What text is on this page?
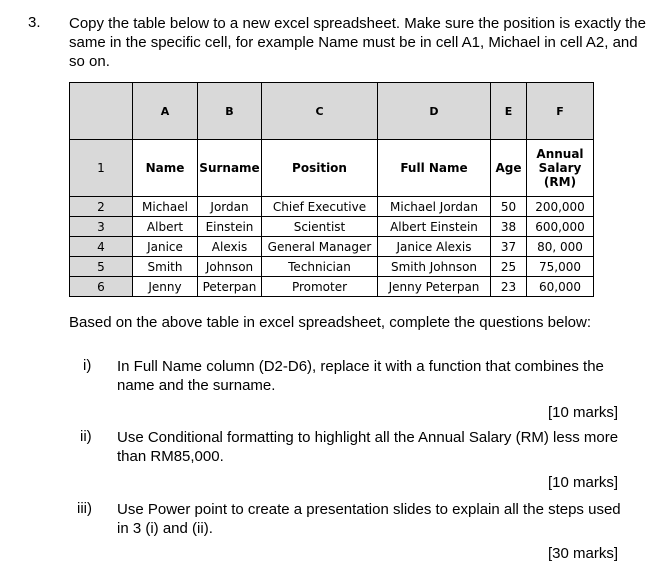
3. Copy the table below to a new excel spreadsheet. Make sure the position is exactly the same in the specific cell, for example Name must be in cell A1, Michael in cell A2, and so on.
	A	B	C	D	E	F
1	Name	Surname	Position	Full Name	Age	Annual Salary (RM)
2	Michael	Jordan	Chief Executive	Michael Jordan	50	200,000
3	Albert	Einstein	Scientist	Albert Einstein	38	600,000
4	Janice	Alexis	General Manager	Janice Alexis	37	80, 000
5	Smith	Johnson	Technician	Smith Johnson	25	75,000
6	Jenny	Peterpan	Promoter	Jenny Peterpan	23	60,000
Based on the above table in excel spreadsheet, complete the questions below:
i) In Full Name column (D2-D6), replace it with a function that combines the name and the surname.
[10 marks]
ii) Use Conditional formatting to highlight all the Annual Salary (RM) less more than RM85,000.
[10 marks]
iii) Use Power point to create a presentation slides to explain all the steps used in 3 (i) and (ii).
[30 marks]
